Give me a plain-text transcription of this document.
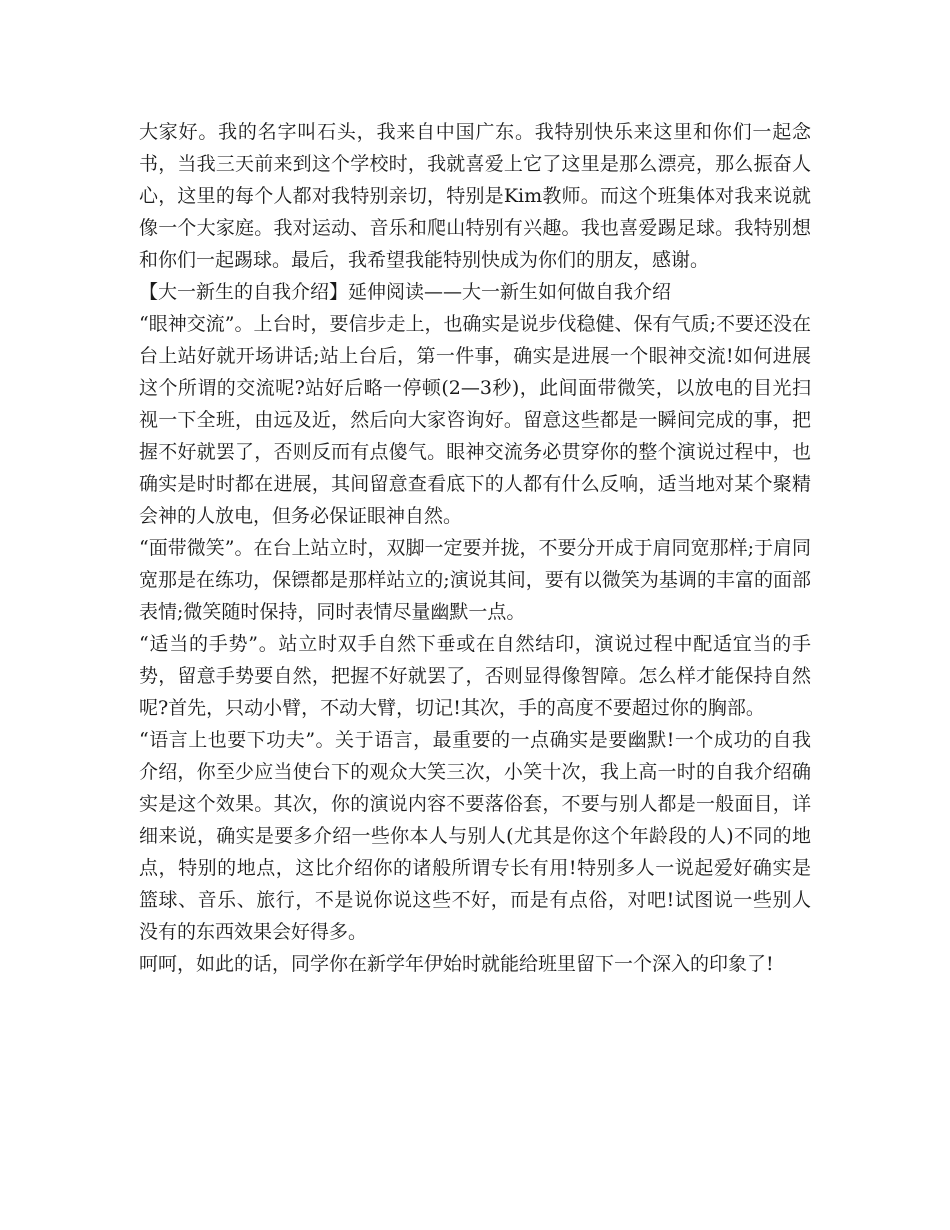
大家好。我的名字叫石头，我来自中国广东。我特别快乐来这里和你们一起念书，当我三天前来到这个学校时，我就喜爱上它了这里是那么漂亮，那么振奋人心，这里的每个人都对我特别亲切，特别是Kim教师。而这个班集体对我来说就像一个大家庭。我对运动、音乐和爬山特别有兴趣。我也喜爱踢足球。我特别想和你们一起踢球。最后，我希望我能特别快成为你们的朋友，感谢。

【大一新生的自我介绍】延伸阅读——大一新生如何做自我介绍

“眼神交流”。上台时，要信步走上，也确实是说步伐稳健、保有气质;不要还没在台上站好就开场讲话;站上台后，第一件事，确实是进展一个眼神交流!如何进展这个所谓的交流呢?站好后略一停顿(2—3秒)，此间面带微笑，以放电的目光扫视一下全班，由远及近，然后向大家咨询好。留意这些都是一瞬间完成的事，把握不好就罢了，否则反而有点傻气。眼神交流务必贯穿你的整个演说过程中，也确实是时时都在进展，其间留意查看底下的人都有什么反响，适当地对某个聚精会神的人放电，但务必保证眼神自然。

“面带微笑”。在台上站立时，双脚一定要并拢，不要分开成于肩同宽那样;于肩同宽那是在练功，保镖都是那样站立的;演说其间，要有以微笑为基调的丰富的面部表情;微笑随时保持，同时表情尽量幽默一点。

“适当的手势”。站立时双手自然下垂或在自然结印，演说过程中配适宜当的手势，留意手势要自然，把握不好就罢了，否则显得像智障。怎么样才能保持自然呢?首先，只动小臂，不动大臂，切记!其次，手的高度不要超过你的胸部。

“语言上也要下功夫”。关于语言，最重要的一点确实是要幽默!一个成功的自我介绍，你至少应当使台下的观众大笑三次，小笑十次，我上高一时的自我介绍确实是这个效果。其次，你的演说内容不要落俗套，不要与别人都是一般面目，详细来说，确实是要多介绍一些你本人与别人(尤其是你这个年龄段的人)不同的地点，特别的地点，这比介绍你的诸般所谓专长有用!特别多人一说起爱好确实是篮球、音乐、旅行，不是说你说这些不好，而是有点俗，对吧!试图说一些别人没有的东西效果会好得多。

呵呵，如此的话，同学你在新学年伊始时就能给班里留下一个深入的印象了!
